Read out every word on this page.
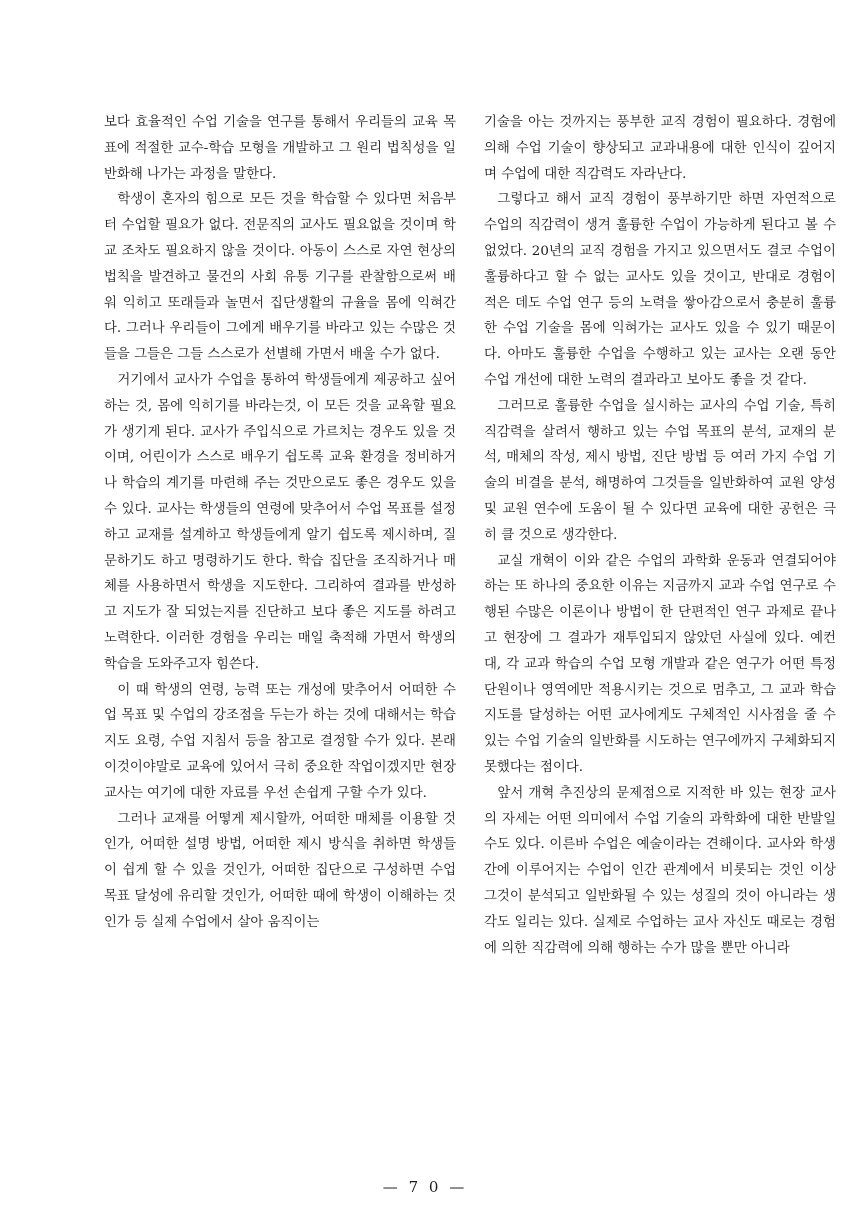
보다 효율적인 수업 기술을 연구를 통해서 우리들의 교육 목표에 적절한 교수-학습 모형을 개발하고 그 원리 법칙성을 일반화해 나가는 과정을 말한다.

학생이 혼자의 힘으로 모든 것을 학습할 수 있다면 처음부터 수업할 필요가 없다. 전문직의 교사도 필요없을 것이며 학교 조차도 필요하지 않을 것이다. 아동이 스스로 자연 현상의 법칙을 발견하고 물건의 사회 유통 기구를 관찰함으로써 배워 익히고 또래들과 놀면서 집단생활의 규율을 몸에 익혀간다. 그러나 우리들이 그에게 배우기를 바라고 있는 수많은 것들을 그들은 그들 스스로가 선별해 가면서 배울 수가 없다.

거기에서 교사가 수업을 통하여 학생들에게 제공하고 싶어하는 것, 몸에 익히기를 바라는것, 이 모든 것을 교육할 필요가 생기게 된다. 교사가 주입식으로 가르치는 경우도 있을 것이며, 어린이가 스스로 배우기 쉽도록 교육 환경을 정비하거나 학습의 계기를 마련해 주는 것만으로도 좋은 경우도 있을 수 있다. 교사는 학생들의 연령에 맞추어서 수업 목표를 설정하고 교재를 설계하고 학생들에게 알기 쉽도록 제시하며, 질문하기도 하고 명령하기도 한다. 학습 집단을 조직하거나 매체를 사용하면서 학생을 지도한다. 그리하여 결과를 반성하고 지도가 잘 되었는지를 진단하고 보다 좋은 지도를 하려고 노력한다. 이러한 경험을 우리는 매일 축적해 가면서 학생의 학습을 도와주고자 힘쓴다.

이 때 학생의 연령, 능력 또는 개성에 맞추어서 어떠한 수업 목표 및 수업의 강조점을 두는가 하는 것에 대해서는 학습지도 요령, 수업 지침서 등을 참고로 결정할 수가 있다. 본래 이것이야말로 교육에 있어서 극히 중요한 작업이겠지만 현장 교사는 여기에 대한 자료를 우선 손쉽게 구할 수가 있다.

그러나 교재를 어떻게 제시할까, 어떠한 매체를 이용할 것인가, 어떠한 설명 방법, 어떠한 제시 방식을 취하면 학생들이 쉽게 할 수 있을 것인가, 어떠한 집단으로 구성하면 수업 목표 달성에 유리할 것인가, 어떠한 때에 학생이 이해하는 것인가 등 실제 수업에서 살아 움직이는

기술을 아는 것까지는 풍부한 교직 경험이 필요하다. 경험에 의해 수업 기술이 향상되고 교과내용에 대한 인식이 깊어지며 수업에 대한 직감력도 자라난다.

그렇다고 해서 교직 경험이 풍부하기만 하면 자연적으로 수업의 직감력이 생겨 훌륭한 수업이 가능하게 된다고 볼 수 없었다. 20년의 교직 경험을 가지고 있으면서도 결코 수업이 훌륭하다고 할 수 없는 교사도 있을 것이고, 반대로 경험이 적은 데도 수업 연구 등의 노력을 쌓아감으로서 충분히 훌륭한 수업 기술을 몸에 익혀가는 교사도 있을 수 있기 때문이다. 아마도 훌륭한 수업을 수행하고 있는 교사는 오랜 동안 수업 개선에 대한 노력의 결과라고 보아도 좋을 것 같다.

그러므로 훌륭한 수업을 실시하는 교사의 수업 기술, 특히 직감력을 살려서 행하고 있는 수업 목표의 분석, 교재의 분석, 매체의 작성, 제시 방법, 진단 방법 등 여러 가지 수업 기술의 비결을 분석, 해명하여 그것들을 일반화하여 교원 양성 및 교원 연수에 도움이 될 수 있다면 교육에 대한 공헌은 극히 클 것으로 생각한다.

교실 개혁이 이와 같은 수업의 과학화 운동과 연결되어야 하는 또 하나의 중요한 이유는 지금까지 교과 수업 연구로 수행된 수많은 이론이나 방법이 한 단편적인 연구 과제로 끝나고 현장에 그 결과가 재투입되지 않았던 사실에 있다. 예컨대, 각 교과 학습의 수업 모형 개발과 같은 연구가 어떤 특정 단원이나 영역에만 적용시키는 것으로 멈추고, 그 교과 학습 지도를 달성하는 어떤 교사에게도 구체적인 시사점을 줄 수 있는 수업 기술의 일반화를 시도하는 연구에까지 구체화되지 못했다는 점이다.

앞서 개혁 추진상의 문제점으로 지적한 바 있는 현장 교사의 자세는 어떤 의미에서 수업 기술의 과학화에 대한 반발일 수도 있다. 이른바 수업은 예술이라는 견해이다. 교사와 학생 간에 이루어지는 수업이 인간 관계에서 비롯되는 것인 이상 그것이 분석되고 일반화될 수 있는 성질의 것이 아니라는 생각도 일리는 있다. 실제로 수업하는 교사 자신도 때로는 경험에 의한 직감력에 의해 행하는 수가 많을 뿐만 아니라

— 7 0 —
